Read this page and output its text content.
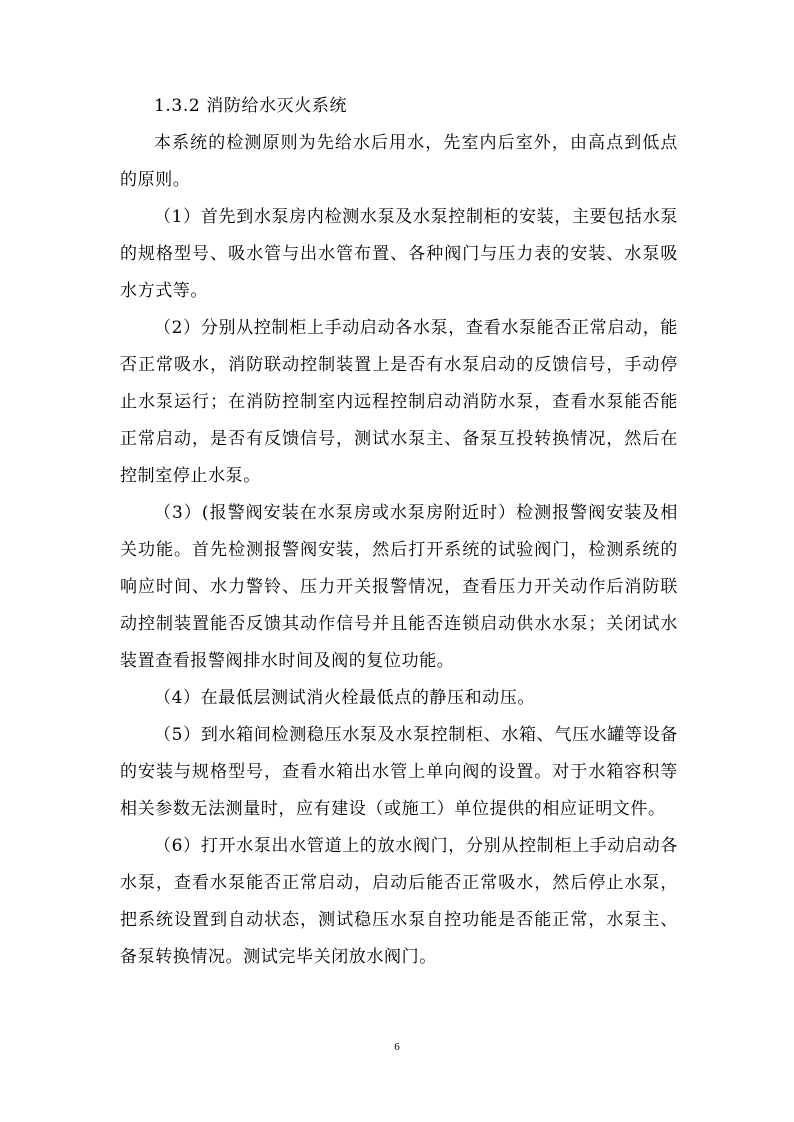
1.3.2 消防给水灭火系统

本系统的检测原则为先给水后用水，先室内后室外，由高点到低点的原则。

（1）首先到水泵房内检测水泵及水泵控制柜的安装，主要包括水泵的规格型号、吸水管与出水管布置、各种阀门与压力表的安装、水泵吸水方式等。

（2）分别从控制柜上手动启动各水泵，查看水泵能否正常启动，能否正常吸水，消防联动控制装置上是否有水泵启动的反馈信号，手动停止水泵运行；在消防控制室内远程控制启动消防水泵，查看水泵能否能正常启动，是否有反馈信号，测试水泵主、备泵互投转换情况，然后在控制室停止水泵。

（3）(报警阀安装在水泵房或水泵房附近时）检测报警阀安装及相关功能。首先检测报警阀安装，然后打开系统的试验阀门，检测系统的响应时间、水力警铃、压力开关报警情况，查看压力开关动作后消防联动控制装置能否反馈其动作信号并且能否连锁启动供水水泵；关闭试水装置查看报警阀排水时间及阀的复位功能。

（4）在最低层测试消火栓最低点的静压和动压。

（5）到水箱间检测稳压水泵及水泵控制柜、水箱、气压水罐等设备的安装与规格型号，查看水箱出水管上单向阀的设置。对于水箱容积等相关参数无法测量时，应有建设（或施工）单位提供的相应证明文件。

（6）打开水泵出水管道上的放水阀门，分别从控制柜上手动启动各水泵，查看水泵能否正常启动，启动后能否正常吸水，然后停止水泵，把系统设置到自动状态，测试稳压水泵自控功能是否能正常，水泵主、备泵转换情况。测试完毕关闭放水阀门。

6
